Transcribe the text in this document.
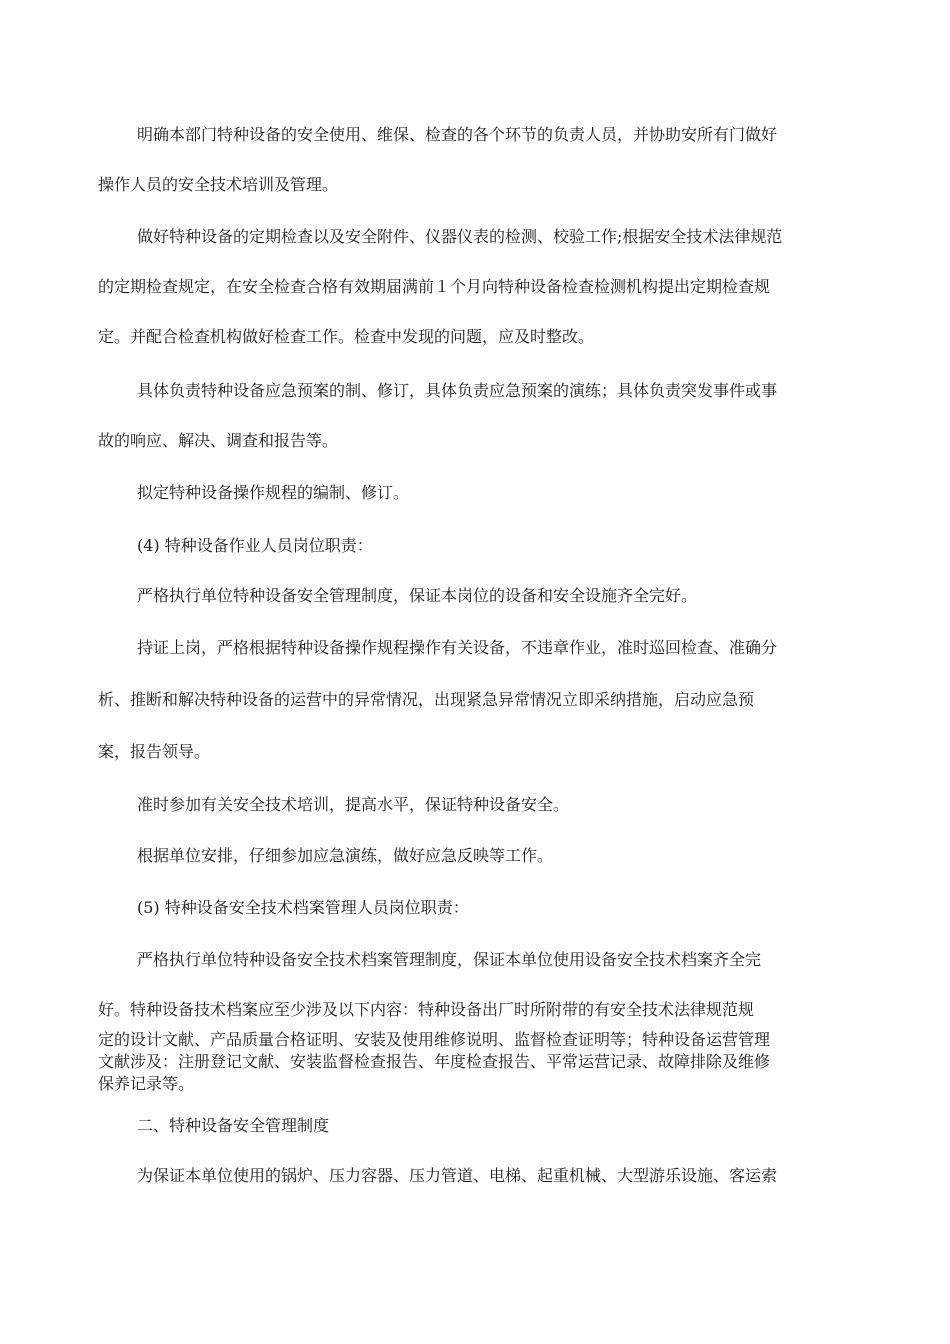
明确本部门特种设备的安全使用、维保、检查的各个环节的负责人员，并协助安所有门做好
操作人员的安全技术培训及管理。
做好特种设备的定期检查以及安全附件、仪器仪表的检测、校验工作;根据安全技术法律规范
的定期检查规定，在安全检查合格有效期届满前１个月向特种设备检查检测机构提出定期检查规
定。并配合检查机构做好检查工作。检查中发现的问题，应及时整改。
具体负责特种设备应急预案的制、修订，具体负责应急预案的演练；具体负责突发事件或事
故的响应、解决、调查和报告等。
拟定特种设备操作规程的编制、修订。
(4) 特种设备作业人员岗位职责：
严格执行单位特种设备安全管理制度，保证本岗位的设备和安全设施齐全完好。
持证上岗，严格根据特种设备操作规程操作有关设备，不违章作业，准时巡回检查、准确分
析、推断和解决特种设备的运营中的异常情况，出现紧急异常情况立即采纳措施，启动应急预
案，报告领导。
准时参加有关安全技术培训，提高水平，保证特种设备安全。
根据单位安排，仔细参加应急演练，做好应急反映等工作。
(5) 特种设备安全技术档案管理人员岗位职责：
严格执行单位特种设备安全技术档案管理制度，保证本单位使用设备安全技术档案齐全完
好。特种设备技术档案应至少涉及以下内容：特种设备出厂时所附带的有安全技术法律规范规
定的设计文献、产品质量合格证明、安装及使用维修说明、监督检查证明等；特种设备运营管理
文献涉及：注册登记文献、安装监督检查报告、年度检查报告、平常运营记录、故障排除及维修
保养记录等。
二、特种设备安全管理制度
为保证本单位使用的锅炉、压力容器、压力管道、电梯、起重机械、大型游乐设施、客运索
